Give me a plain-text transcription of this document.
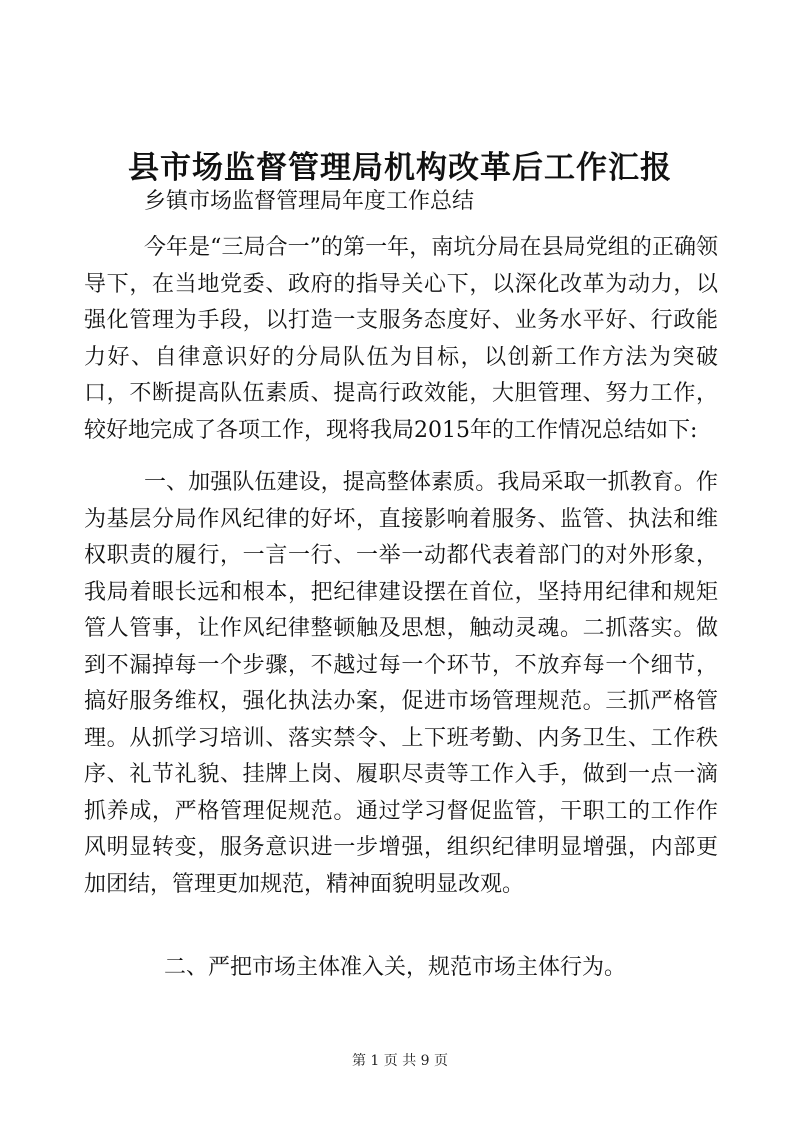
县市场监督管理局机构改革后工作汇报

乡镇市场监督管理局年度工作总结

今年是“三局合一”的第一年，南坑分局在县局党组的正确领导下，在当地党委、政府的指导关心下，以深化改革为动力，以强化管理为手段，以打造一支服务态度好、业务水平好、行政能力好、自律意识好的分局队伍为目标，以创新工作方法为突破口，不断提高队伍素质、提高行政效能，大胆管理、努力工作，较好地完成了各项工作，现将我局2015年的工作情况总结如下:

一、加强队伍建设，提高整体素质。我局采取一抓教育。作为基层分局作风纪律的好坏，直接影响着服务、监管、执法和维权职责的履行，一言一行、一举一动都代表着部门的对外形象，我局着眼长远和根本，把纪律建设摆在首位，坚持用纪律和规矩管人管事，让作风纪律整顿触及思想，触动灵魂。二抓落实。做到不漏掉每一个步骤，不越过每一个环节，不放弃每一个细节，搞好服务维权，强化执法办案，促进市场管理规范。三抓严格管理。从抓学习培训、落实禁令、上下班考勤、内务卫生、工作秩序、礼节礼貌、挂牌上岗、履职尽责等工作入手，做到一点一滴抓养成，严格管理促规范。通过学习督促监管，干职工的工作作风明显转变，服务意识进一步增强，组织纪律明显增强，内部更加团结，管理更加规范，精神面貌明显改观。

二、严把市场主体准入关，规范市场主体行为。

第 1 页 共 9 页
